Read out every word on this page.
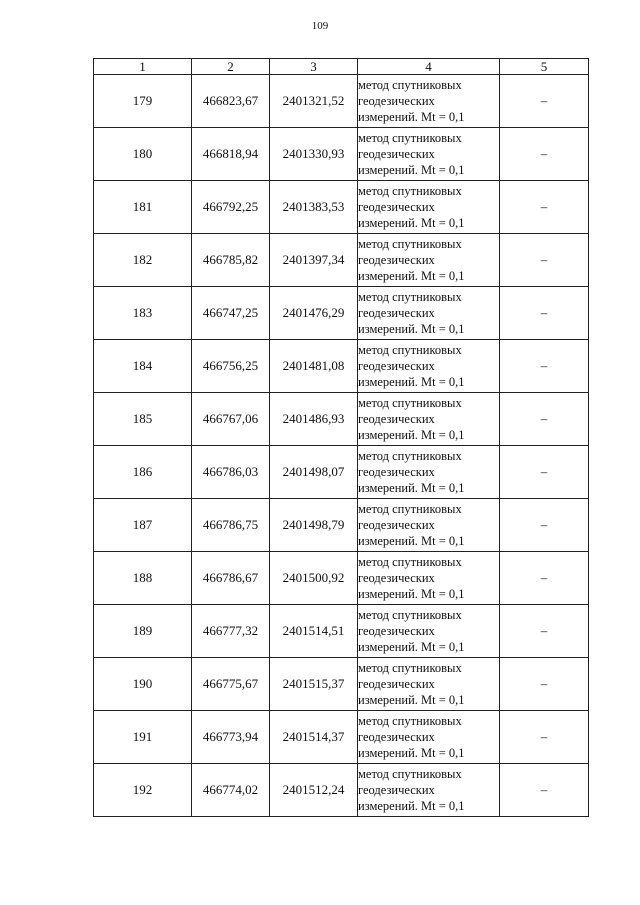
109
1	2	3	4	5
179	466823,67	2401321,52	метод спутниковых
геодезических
измерений. Mt = 0,1	–
180	466818,94	2401330,93	метод спутниковых
геодезических
измерений. Mt = 0,1	–
181	466792,25	2401383,53	метод спутниковых
геодезических
измерений. Mt = 0,1	–
182	466785,82	2401397,34	метод спутниковых
геодезических
измерений. Mt = 0,1	–
183	466747,25	2401476,29	метод спутниковых
геодезических
измерений. Mt = 0,1	–
184	466756,25	2401481,08	метод спутниковых
геодезических
измерений. Mt = 0,1	–
185	466767,06	2401486,93	метод спутниковых
геодезических
измерений. Mt = 0,1	–
186	466786,03	2401498,07	метод спутниковых
геодезических
измерений. Mt = 0,1	–
187	466786,75	2401498,79	метод спутниковых
геодезических
измерений. Mt = 0,1	–
188	466786,67	2401500,92	метод спутниковых
геодезических
измерений. Mt = 0,1	–
189	466777,32	2401514,51	метод спутниковых
геодезических
измерений. Mt = 0,1	–
190	466775,67	2401515,37	метод спутниковых
геодезических
измерений. Mt = 0,1	–
191	466773,94	2401514,37	метод спутниковых
геодезических
измерений. Mt = 0,1	–
192	466774,02	2401512,24	метод спутниковых
геодезических
измерений. Mt = 0,1	–
